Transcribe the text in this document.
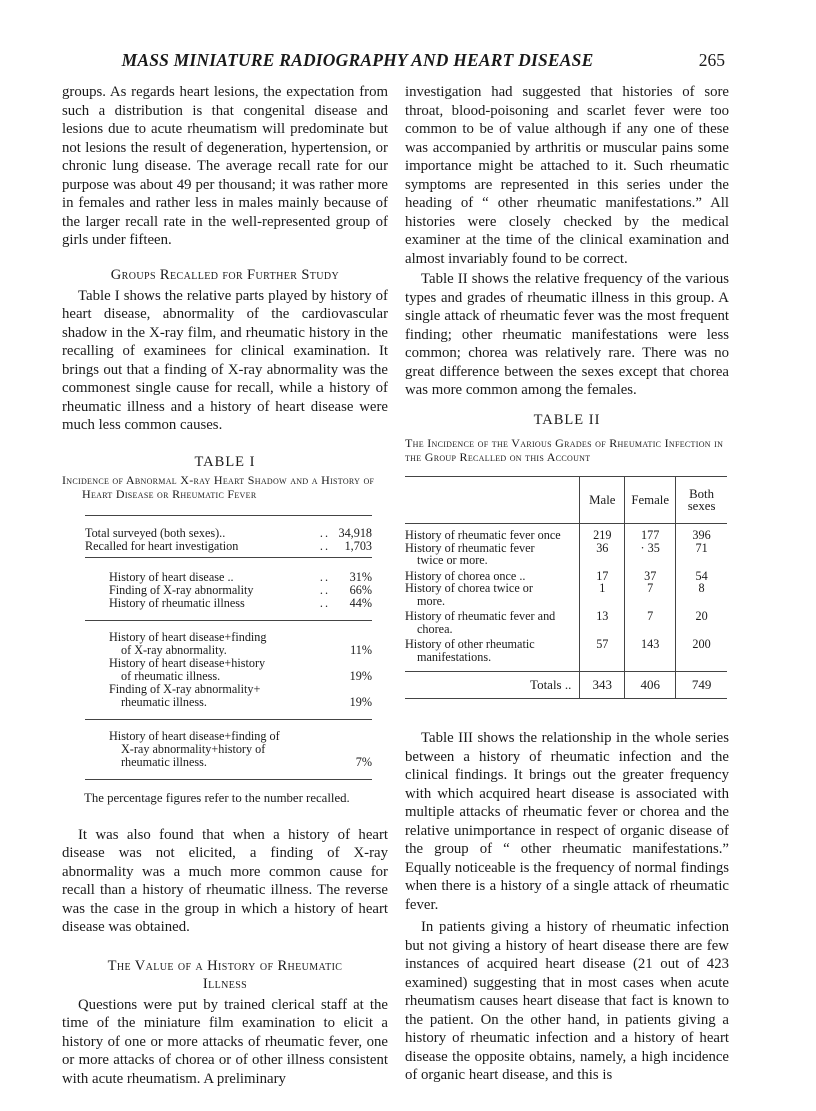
MASS MINIATURE RADIOGRAPHY AND HEART DISEASE	265

groups. As regards heart lesions, the expectation from such a distribution is that congenital disease and lesions due to acute rheumatism will predominate but not lesions the result of degeneration, hypertension, or chronic lung disease. The average recall rate for our purpose was about 49 per thousand; it was rather more in females and rather less in males mainly because of the larger recall rate in the well-represented group of girls under fifteen.

Groups Recalled for Further Study

Table I shows the relative parts played by history of heart disease, abnormality of the cardiovascular shadow in the X-ray film, and rheumatic history in the recalling of examinees for clinical examination. It brings out that a finding of X-ray abnormality was the commonest single cause for recall, while a history of rheumatic illness and a history of heart disease were much less common causes.

TABLE I
Incidence of Abnormal X-ray Heart Shadow and a History of Heart Disease or Rheumatic Fever
Total surveyed (both sexes)..	.. 34,918
Recalled for heart investigation	..	1,703
History of heart disease ..	..	31%
Finding of X-ray abnormality	..	66%
History of rheumatic illness	..	44%
History of heart disease+finding
of X-ray abnormality.	11%
History of heart disease+history
of rheumatic illness.	19%
Finding of X-ray abnormality+
rheumatic illness.	19%
History of heart disease+finding of
X-ray abnormality+history of
rheumatic illness.	7%
The percentage figures refer to the number recalled.

It was also found that when a history of heart disease was not elicited, a finding of X-ray abnormality was a much more common cause for recall than a history of rheumatic illness. The reverse was the case in the group in which a history of heart disease was obtained.

The Value of a History of Rheumatic
Illness

Questions were put by trained clerical staff at the time of the miniature film examination to elicit a history of one or more attacks of rheumatic fever, one or more attacks of chorea or of other illness consistent with acute rheumatism. A preliminary

investigation had suggested that histories of sore throat, blood-poisoning and scarlet fever were too common to be of value although if any one of these was accompanied by arthritis or muscular pains some importance might be attached to it. Such rheumatic symptoms are represented in this series under the heading of “ other rheumatic manifestations.” All histories were closely checked by the medical examiner at the time of the clinical examination and almost invariably found to be correct.

Table II shows the relative frequency of the various types and grades of rheumatic illness in this group. A single attack of rheumatic fever was the most frequent finding; other rheumatic manifestations were less common; chorea was relatively rare. There was no great difference between the sexes except that chorea was more common among the females.

TABLE II
The Incidence of the Various Grades of Rheumatic Infection in the Group Recalled on this Account
	Male	Female	Both
sexes
History of rheumatic fever once	219	177	396
History of rheumatic fever
twice or more.	36	· 35	71
History of chorea once ..	17	37	54
History of chorea twice or
more.	1	7	8
History of rheumatic fever and
chorea.	13	7	20
History of other rheumatic
manifestations.	57	143	200
Totals ..	343	406	749

Table III shows the relationship in the whole series between a history of rheumatic infection and the clinical findings. It brings out the greater frequency with which acquired heart disease is associated with multiple attacks of rheumatic fever or chorea and the relative unimportance in respect of organic disease of the group of “ other rheumatic manifestations.” Equally noticeable is the frequency of normal findings when there is a history of a single attack of rheumatic fever.

In patients giving a history of rheumatic infection but not giving a history of heart disease there are few instances of acquired heart disease (21 out of 423 examined) suggesting that in most cases when acute rheumatism causes heart disease that fact is known to the patient. On the other hand, in patients giving a history of rheumatic infection and a history of heart disease the opposite obtains, namely, a high incidence of organic heart disease, and this is
